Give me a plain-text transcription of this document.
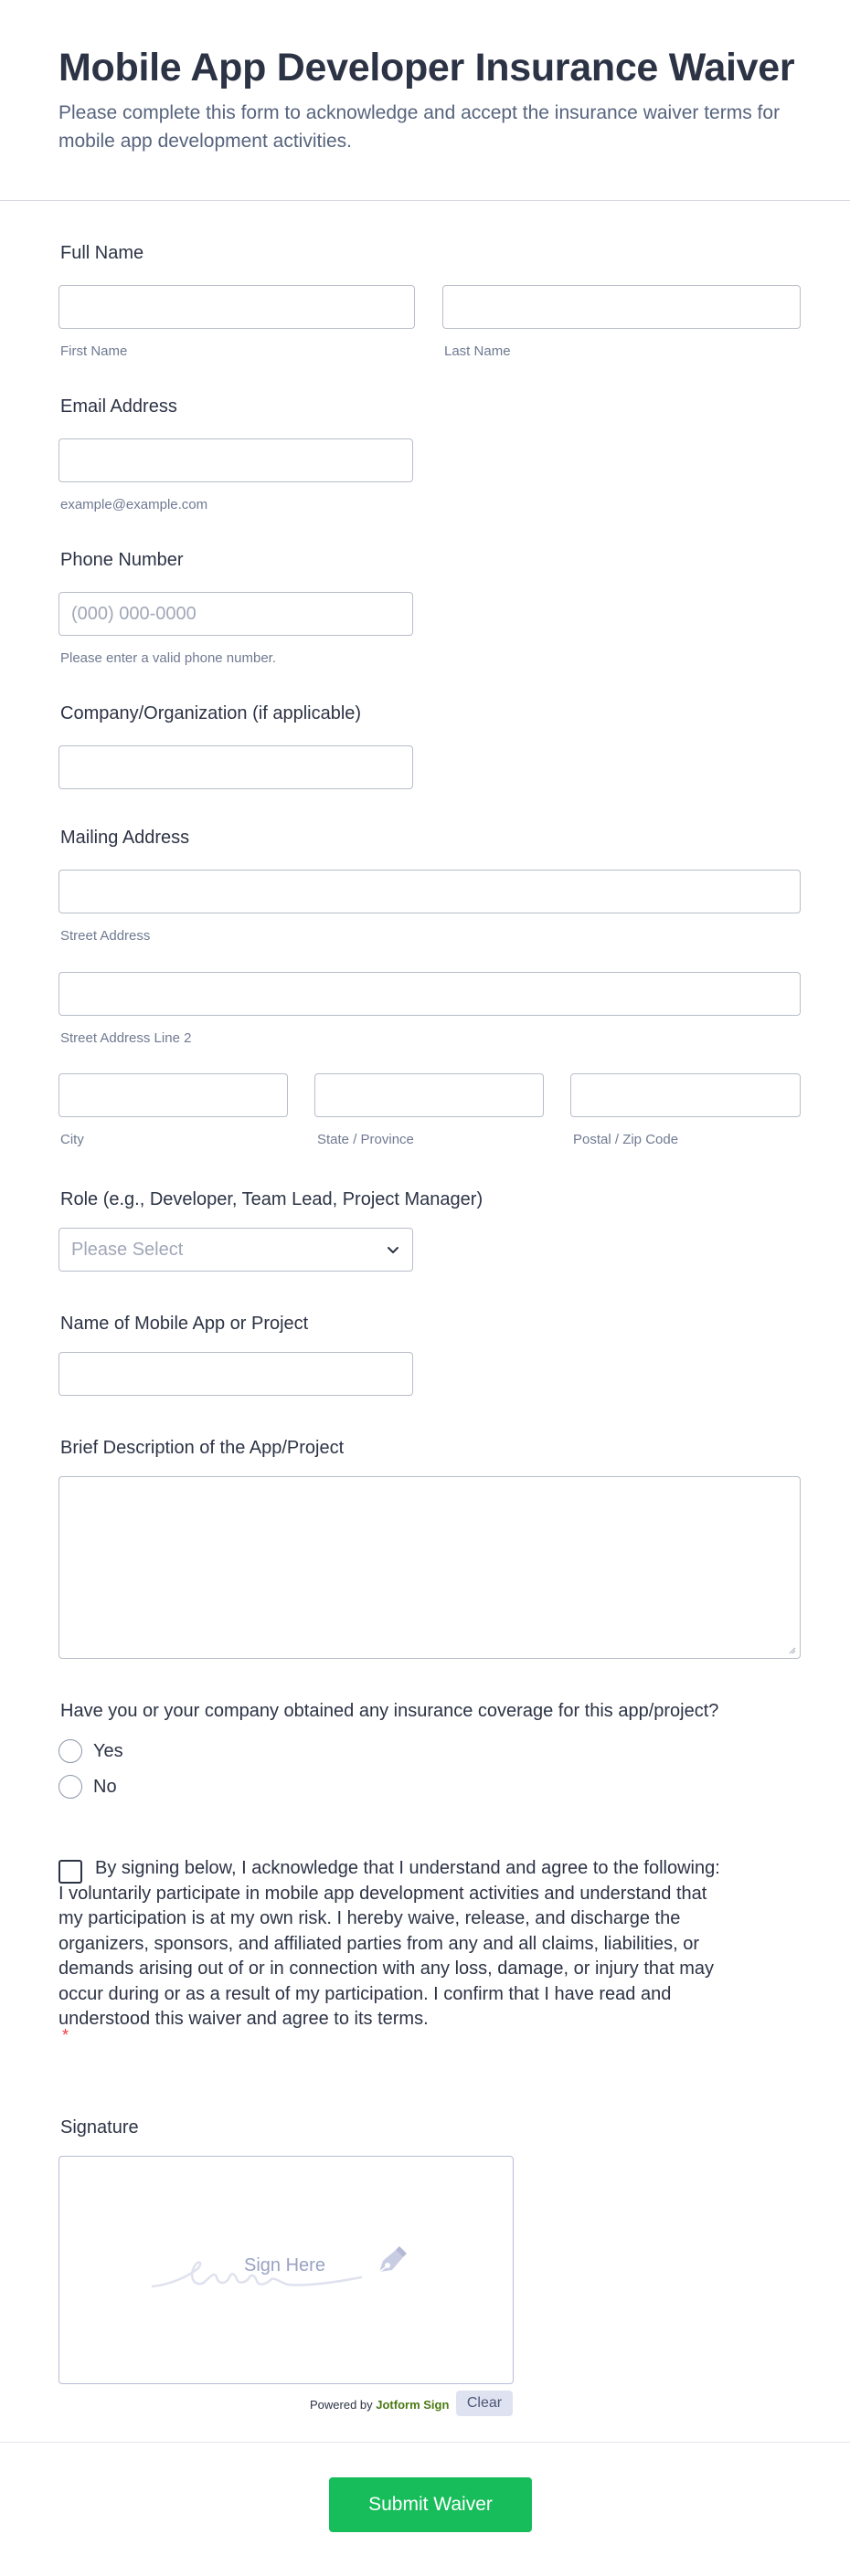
Mobile App Developer Insurance Waiver

Please complete this form to acknowledge and accept the insurance waiver terms for mobile app development activities.

Full Name
First Name	Last Name
Email Address
example@example.com
Phone Number
(000) 000-0000
Please enter a valid phone number.
Company/Organization (if applicable)
Mailing Address
Street Address
Street Address Line 2
City	State / Province	Postal / Zip Code
Role (e.g., Developer, Team Lead, Project Manager)
Please Select
Name of Mobile App or Project
Brief Description of the App/Project
Have you or your company obtained any insurance coverage for this app/project?
Yes
No
By signing below, I acknowledge that I understand and agree to the following: I voluntarily participate in mobile app development activities and understand that my participation is at my own risk. I hereby waive, release, and discharge the organizers, sponsors, and affiliated parties from any and all claims, liabilities, or demands arising out of or in connection with any loss, damage, or injury that may occur during or as a result of my participation. I confirm that I have read and understood this waiver and agree to its terms.
*
Signature
Sign Here
Powered by Jotform Sign	Clear
Submit Waiver
